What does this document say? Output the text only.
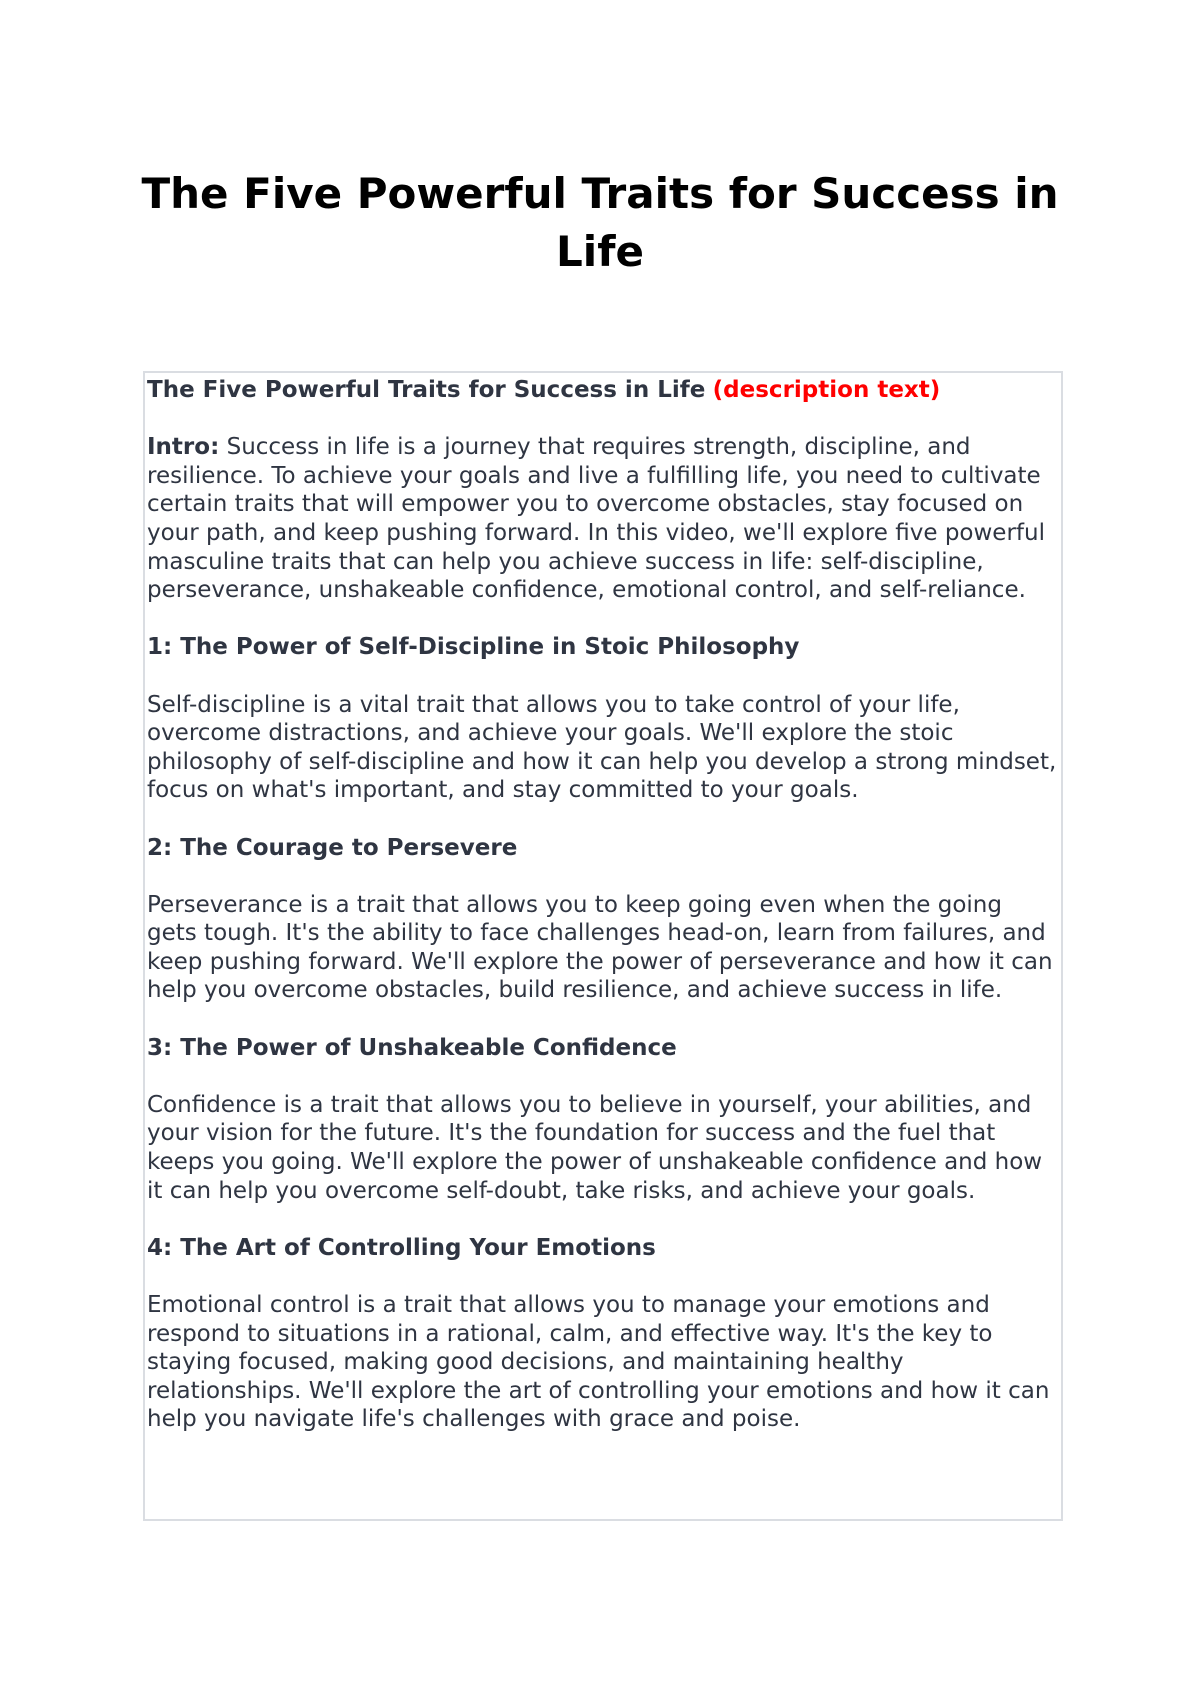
The Five Powerful Traits for Success in Life

The Five Powerful Traits for Success in Life (description text)

Intro: Success in life is a journey that requires strength, discipline, and resilience. To achieve your goals and live a fulfilling life, you need to cultivate certain traits that will empower you to overcome obstacles, stay focused on your path, and keep pushing forward. In this video, we'll explore five powerful masculine traits that can help you achieve success in life: self-discipline, perseverance, unshakeable confidence, emotional control, and self-reliance.

1: The Power of Self-Discipline in Stoic Philosophy

Self-discipline is a vital trait that allows you to take control of your life, overcome distractions, and achieve your goals. We'll explore the stoic philosophy of self-discipline and how it can help you develop a strong mindset, focus on what's important, and stay committed to your goals.

2: The Courage to Persevere

Perseverance is a trait that allows you to keep going even when the going gets tough. It's the ability to face challenges head-on, learn from failures, and keep pushing forward. We'll explore the power of perseverance and how it can help you overcome obstacles, build resilience, and achieve success in life.

3: The Power of Unshakeable Confidence

Confidence is a trait that allows you to believe in yourself, your abilities, and your vision for the future. It's the foundation for success and the fuel that keeps you going. We'll explore the power of unshakeable confidence and how it can help you overcome self-doubt, take risks, and achieve your goals.

4: The Art of Controlling Your Emotions

Emotional control is a trait that allows you to manage your emotions and respond to situations in a rational, calm, and effective way. It's the key to staying focused, making good decisions, and maintaining healthy relationships. We'll explore the art of controlling your emotions and how it can help you navigate life's challenges with grace and poise.
